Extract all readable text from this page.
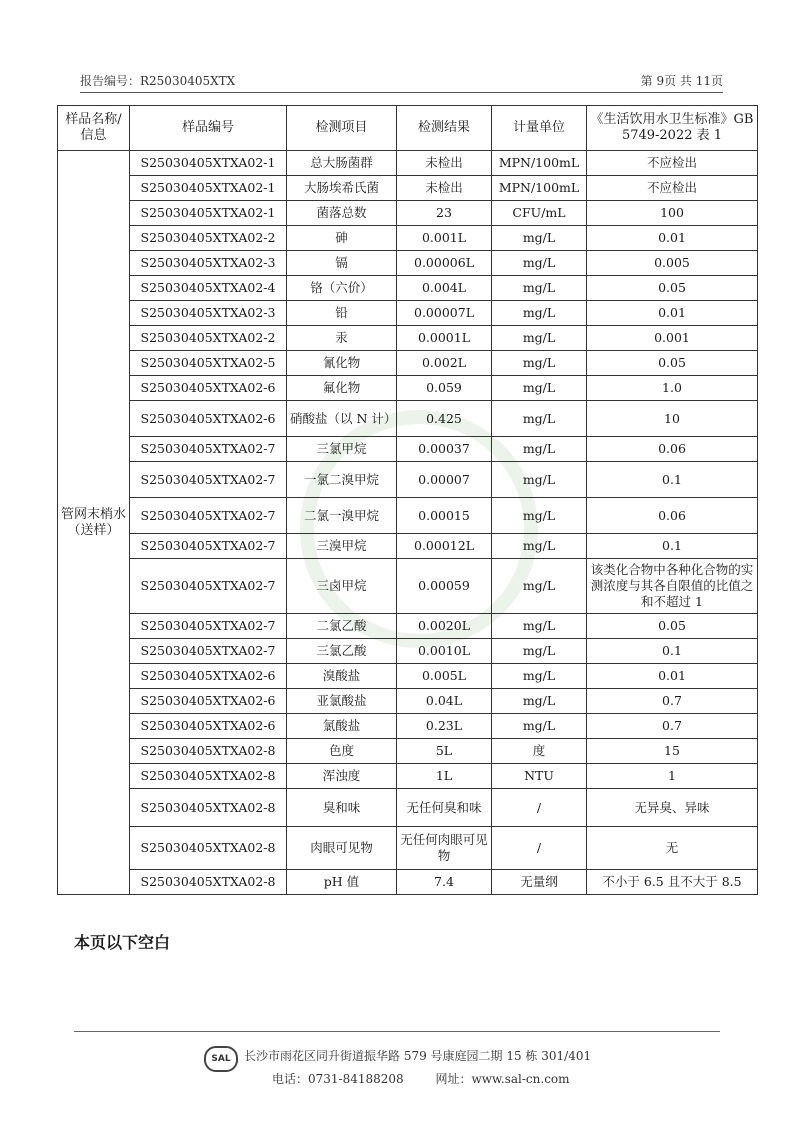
报告编号：R25030405XTX	第 9页 共 11页
样品名称/信息	样品编号	检测项目	检测结果	计量单位	《生活饮用水卫生标准》GB 5749-2022 表 1
管网末梢水（送样）	S25030405XTXA02-1	总大肠菌群	未检出	MPN/100mL	不应检出
	S25030405XTXA02-1	大肠埃希氏菌	未检出	MPN/100mL	不应检出
	S25030405XTXA02-1	菌落总数	23	CFU/mL	100
	S25030405XTXA02-2	砷	0.001L	mg/L	0.01
	S25030405XTXA02-3	镉	0.00006L	mg/L	0.005
	S25030405XTXA02-4	铬（六价）	0.004L	mg/L	0.05
	S25030405XTXA02-3	铅	0.00007L	mg/L	0.01
	S25030405XTXA02-2	汞	0.0001L	mg/L	0.001
	S25030405XTXA02-5	氰化物	0.002L	mg/L	0.05
	S25030405XTXA02-6	氟化物	0.059	mg/L	1.0
	S25030405XTXA02-6	硝酸盐（以 N 计）	0.425	mg/L	10
	S25030405XTXA02-7	三氯甲烷	0.00037	mg/L	0.06
	S25030405XTXA02-7	一氯二溴甲烷	0.00007	mg/L	0.1
	S25030405XTXA02-7	二氯一溴甲烷	0.00015	mg/L	0.06
	S25030405XTXA02-7	三溴甲烷	0.00012L	mg/L	0.1
	S25030405XTXA02-7	三卤甲烷	0.00059	mg/L	该类化合物中各种化合物的实测浓度与其各自限值的比值之和不超过 1
	S25030405XTXA02-7	二氯乙酸	0.0020L	mg/L	0.05
	S25030405XTXA02-7	三氯乙酸	0.0010L	mg/L	0.1
	S25030405XTXA02-6	溴酸盐	0.005L	mg/L	0.01
	S25030405XTXA02-6	亚氯酸盐	0.04L	mg/L	0.7
	S25030405XTXA02-6	氯酸盐	0.23L	mg/L	0.7
	S25030405XTXA02-8	色度	5L	度	15
	S25030405XTXA02-8	浑浊度	1L	NTU	1
	S25030405XTXA02-8	臭和味	无任何臭和味	/	无异臭、异味
	S25030405XTXA02-8	肉眼可见物	无任何肉眼可见物	/	无
	S25030405XTXA02-8	pH 值	7.4	无量纲	不小于 6.5 且不大于 8.5
本页以下空白
SAL	长沙市雨花区同升街道振华路 579 号康庭园二期 15 栋 301/401
电话：0731-84188208	网址：www.sal-cn.com
